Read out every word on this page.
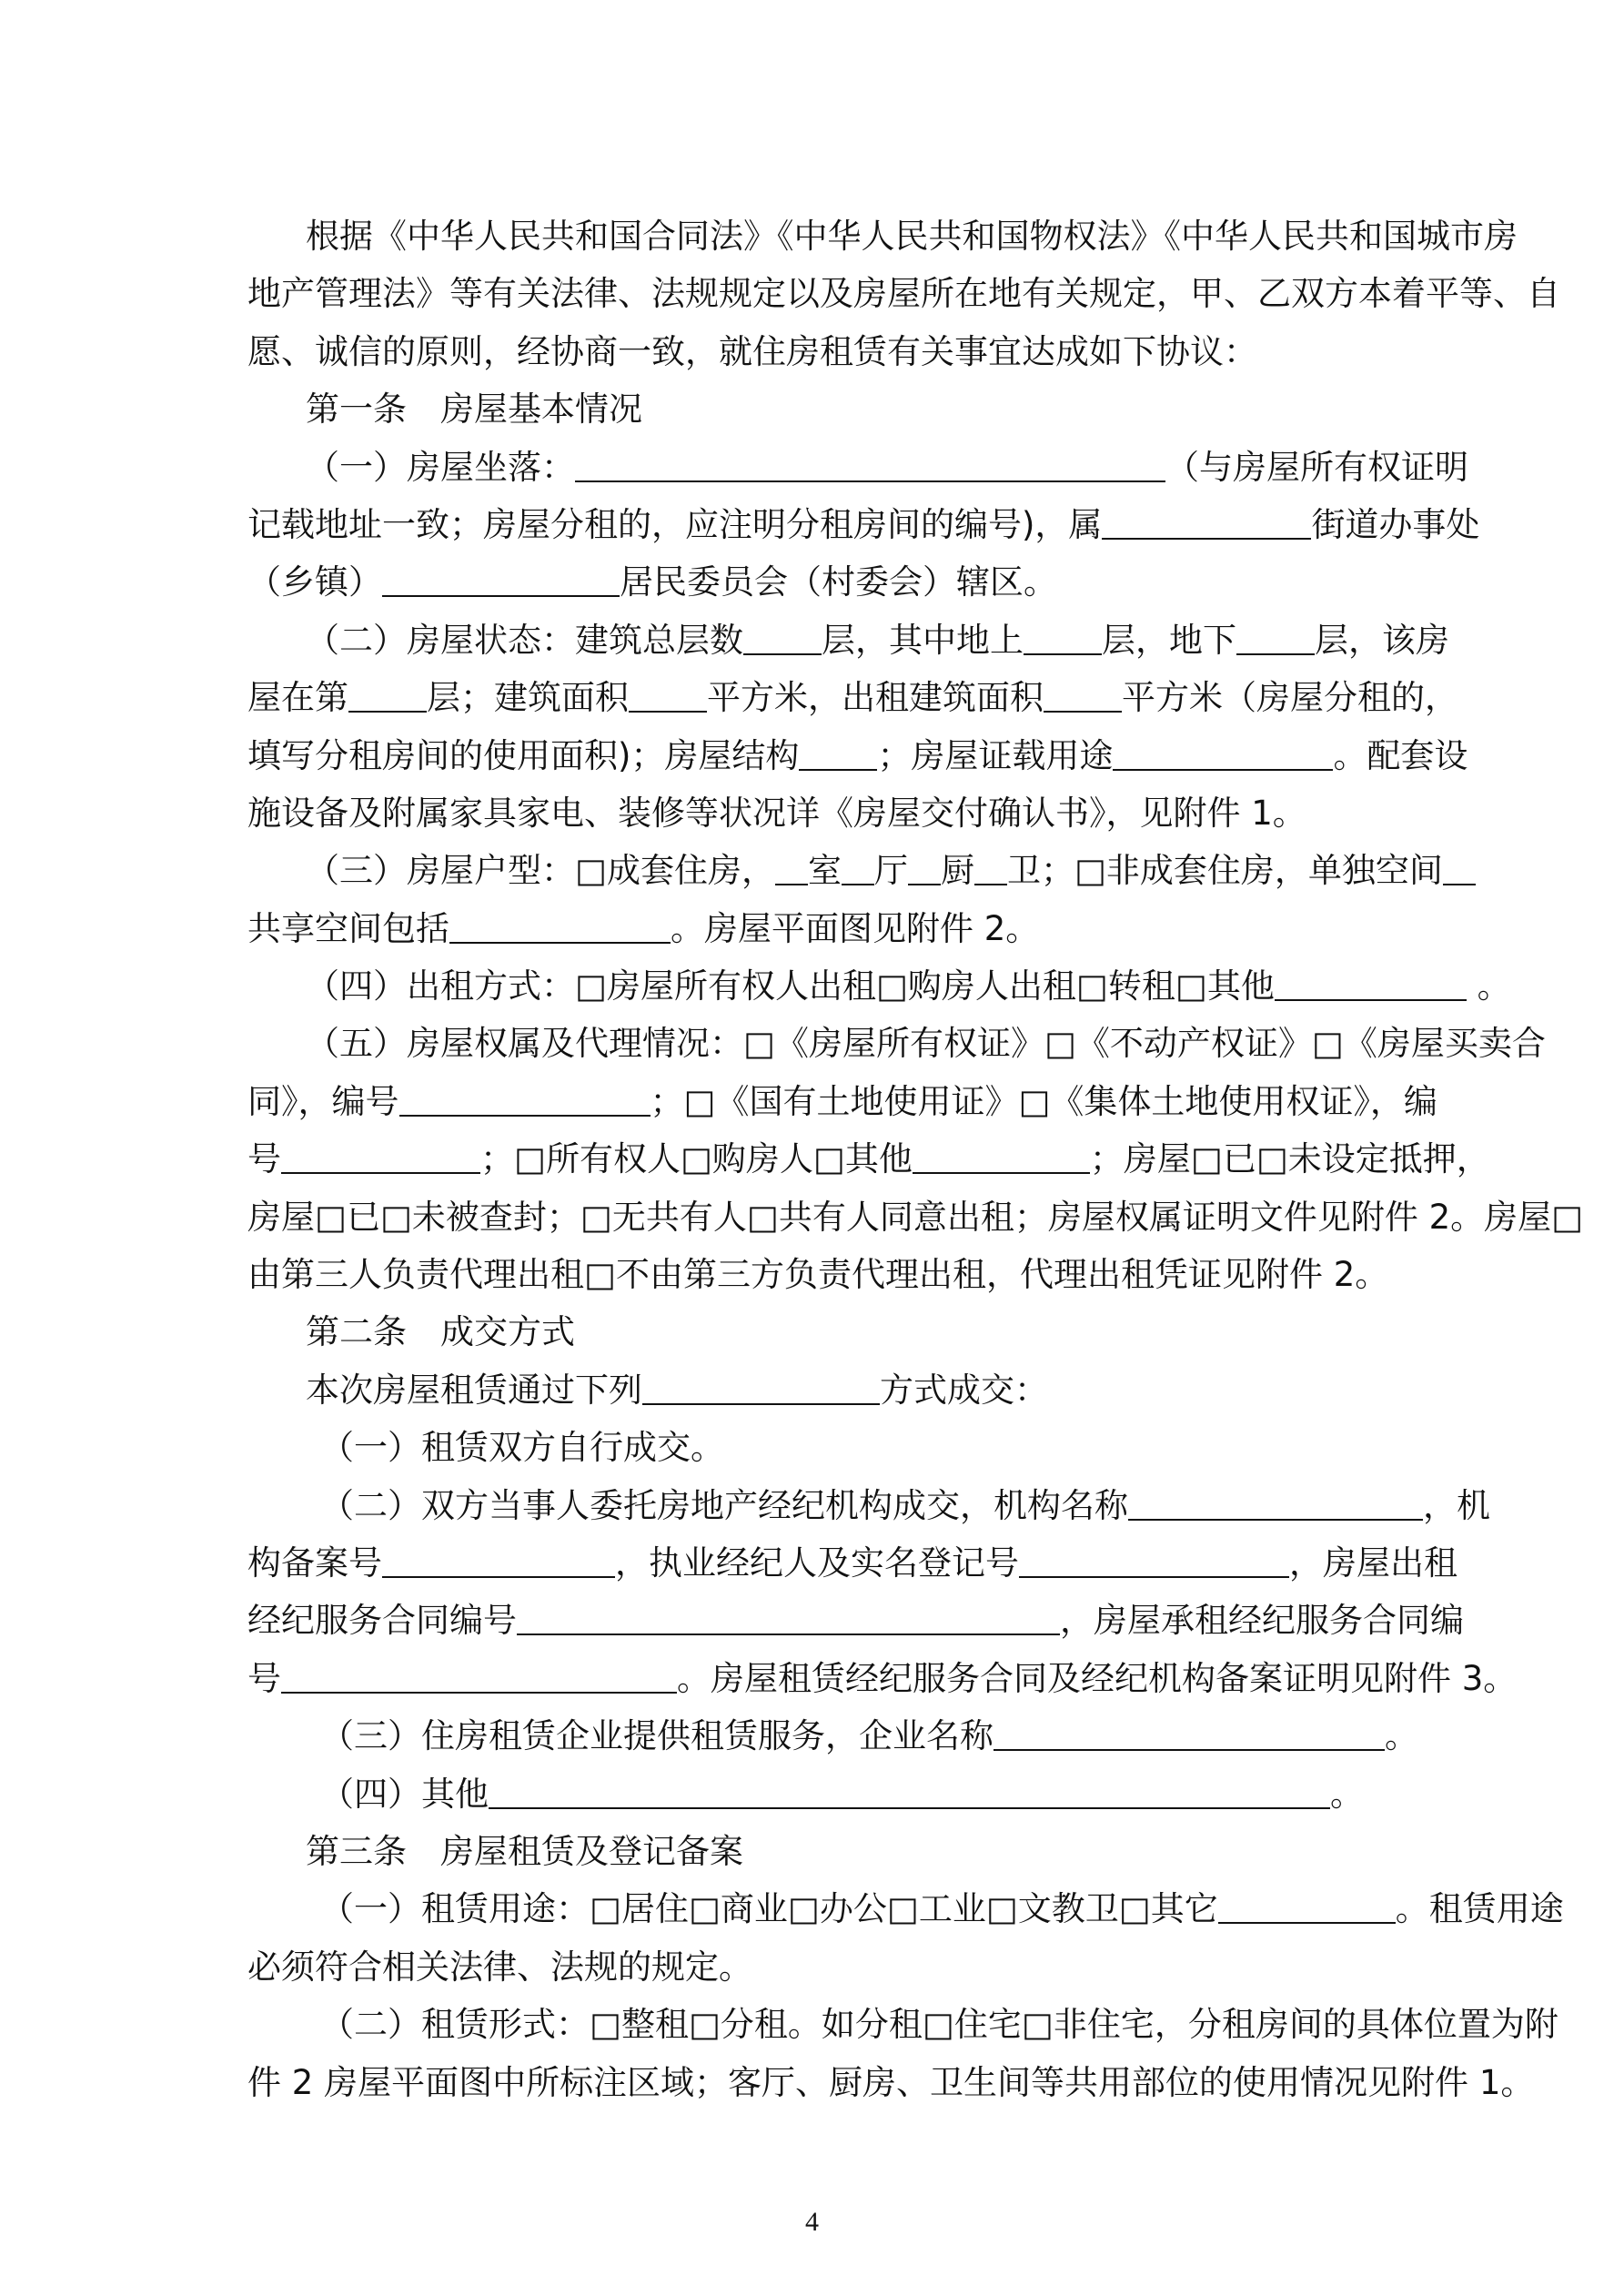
根据《中华人民共和国合同法》《中华人民共和国物权法》《中华人民共和国城市房
地产管理法》等有关法律、法规规定以及房屋所在地有关规定，甲、乙双方本着平等、自
愿、诚信的原则，经协商一致，就住房租赁有关事宜达成如下协议：
第一条　房屋基本情况
（一）房屋坐落：	（与房屋所有权证明
记载地址一致；房屋分租的，应注明分租房间的编号)，属	街道办事处
（乡镇）	居民委员会（村委会）辖区。
（二）房屋状态：建筑总层数 层，其中地上 层，地下 层，该房
屋在第 层；建筑面积 平方米，出租建筑面积 平方米（房屋分租的，
填写分租房间的使用面积)；房屋结构 ；房屋证载用途	。配套设
施设备及附属家具家电、装修等状况详《房屋交付确认书》，见附件 1。
（三）房屋户型：□成套住房， 室 厅 厨 卫；□非成套住房，单独空间
共享空间包括	。房屋平面图见附件 2。
（四）出租方式：□房屋所有权人出租□购房人出租□转租□其他	。
（五）房屋权属及代理情况：□《房屋所有权证》□《不动产权证》□《房屋买卖合
同》，编号	；□《国有土地使用证》□《集体土地使用权证》，编
号	；□所有权人□购房人□其他	；房屋□已□未设定抵押，
房屋□已□未被查封；□无共有人□共有人同意出租；房屋权属证明文件见附件 2。房屋□
由第三人负责代理出租□不由第三方负责代理出租，代理出租凭证见附件 2。
第二条　成交方式
本次房屋租赁通过下列	方式成交：
（一）租赁双方自行成交。
（二）双方当事人委托房地产经纪机构成交，机构名称	，机
构备案号	，执业经纪人及实名登记号	，房屋出租
经纪服务合同编号	，房屋承租经纪服务合同编
号	。房屋租赁经纪服务合同及经纪机构备案证明见附件 3。
（三）住房租赁企业提供租赁服务，企业名称	。
（四）其他	。
第三条　房屋租赁及登记备案
（一）租赁用途：□居住□商业□办公□工业□文教卫□其它	。租赁用途
必须符合相关法律、法规的规定。
（二）租赁形式：□整租□分租。如分租□住宅□非住宅，分租房间的具体位置为附
件 2 房屋平面图中所标注区域；客厅、厨房、卫生间等共用部位的使用情况见附件 1。
4
